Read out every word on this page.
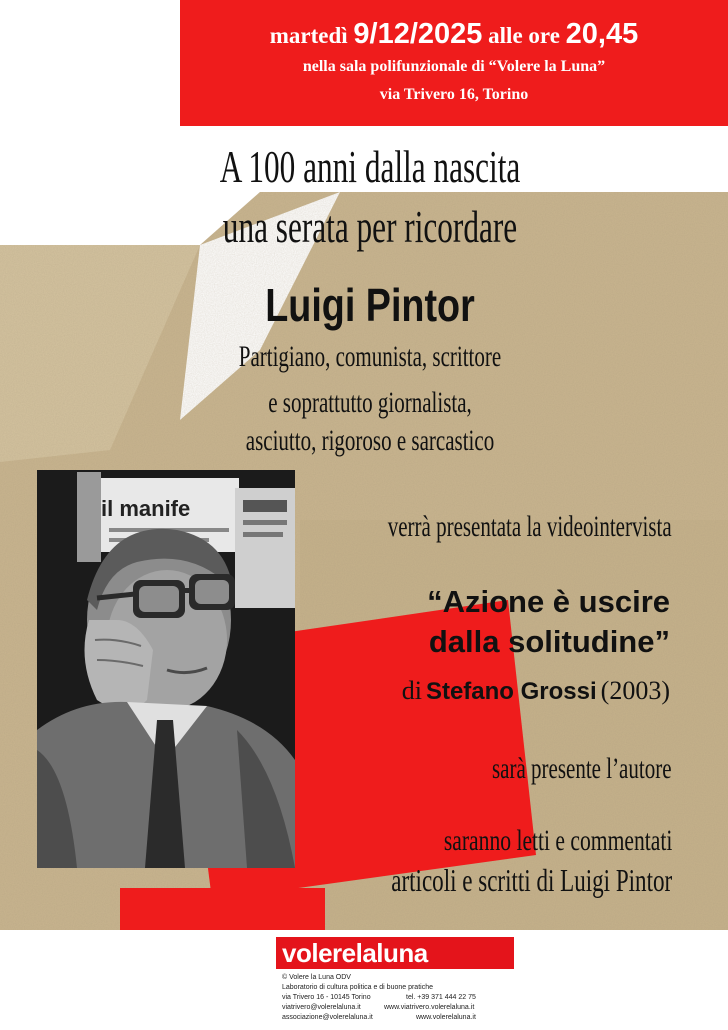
martedì 9/12/2025 alle ore 20,45
nella sala polifunzionale di “Volere la Luna”
via Trivero 16, Torino
A 100 anni dalla nascita
una serata per ricordare
Luigi Pintor
Partigiano, comunista, scrittore
e soprattutto giornalista,
asciutto, rigoroso e sarcastico
il manife
verrà presentata la videointervista
“Azione è uscire
dalla solitudine”
di Stefano Grossi (2003)
sarà presente l’autore
saranno letti e commentati
articoli e scritti di Luigi Pintor
volerelaluna
© Volere la Luna ODV
Laboratorio di cultura politica e di buone pratiche
via Trivero 16 - 10145 Torino	tel. +39 371 444 22 75
viatrivero@volerelaluna.it	www.viatrivero.volerelaluna.it
associazione@volerelaluna.it	www.volerelaluna.it
